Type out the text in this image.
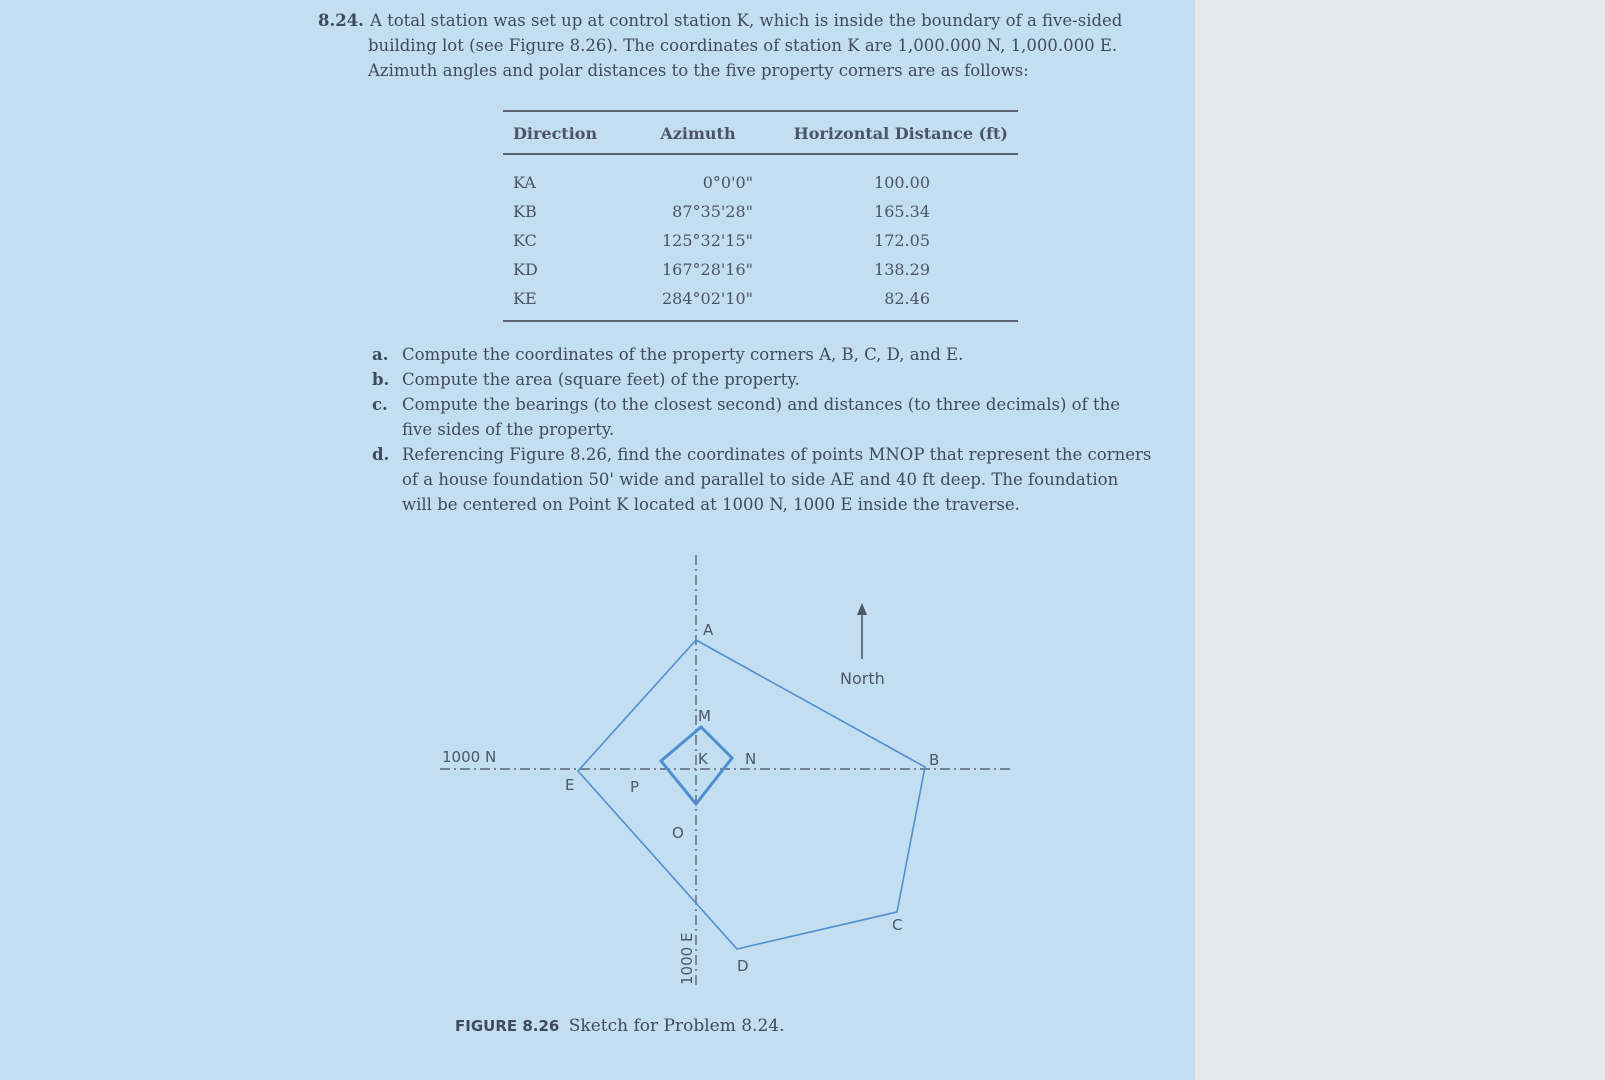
8.24. A total station was set up at control station K, which is inside the boundary of a five-sided building lot (see Figure 8.26). The coordinates of station K are 1,000.000 N, 1,000.000 E. Azimuth angles and polar distances to the five property corners are as follows:

Direction	Azimuth	Horizontal Distance (ft)
KA	0°0'0"	100.00
KB	87°35'28"	165.34
KC	125°32'15"	172.05
KD	167°28'16"	138.29
KE	284°02'10"	82.46
a. Compute the coordinates of the property corners A, B, C, D, and E.
b. Compute the area (square feet) of the property.
c. Compute the bearings (to the closest second) and distances (to three decimals) of the five sides of the property.
d. Referencing Figure 8.26, find the coordinates of points MNOP that represent the corners of a house foundation 50' wide and parallel to side AE and 40 ft deep. The foundation will be centered on Point K located at 1000 N, 1000 E inside the traverse.
North
A
B
C
D
E
K
M
N
O
P
1000 N
1000 E
FIGURE 8.26 Sketch for Problem 8.24.
